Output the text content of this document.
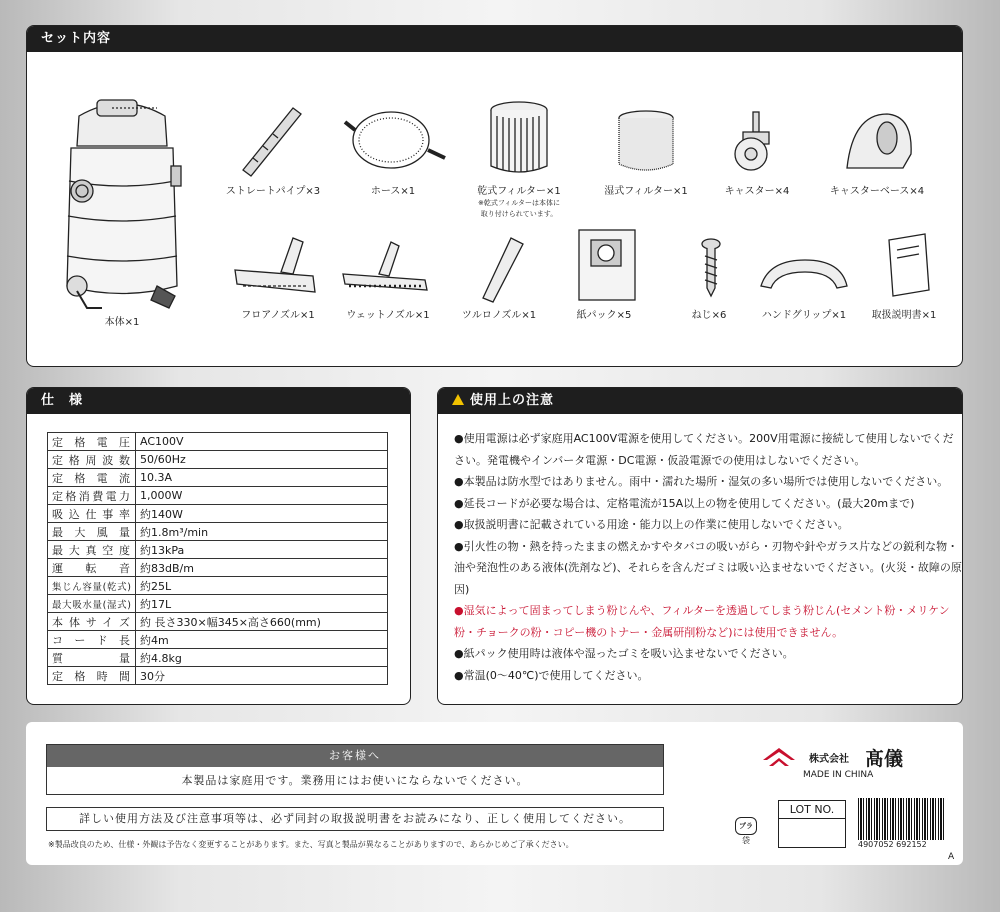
セット内容
本体×1
ストレートパイプ×3	ホース×1	乾式フィルター×1
※乾式フィルターは本体に
取り付けられています。
湿式フィルター×1	キャスター×4	キャスターベース×4
フロアノズル×1	ウェットノズル×1	ツルロノズル×1	紙パック×5	ねじ×6	ハンドグリップ×1	取扱説明書×1
仕　様
定格電圧	AC100V
定格周波数	50/60Hz
定格電流	10.3A
定格消費電力	1,000W
吸込仕事率	約140W
最大風量	約1.8m³/min
最大真空度	約13kPa
運転音	約83dB/m
集じん容量(乾式)	約25L
最大吸水量(湿式)	約17L
本体サイズ	約 長さ330×幅345×高さ660(mm)
コード長	約4m
質量	約4.8kg
定格時間	30分
使用上の注意

●使用電源は必ず家庭用AC100V電源を使用してください。200V用電源に接続して使用しないでください。発電機やインバータ電源・DC電源・仮設電源での使用はしないでください。

●本製品は防水型ではありません。雨中・濡れた場所・湿気の多い場所では使用しないでください。

●延長コードが必要な場合は、定格電流が15A以上の物を使用してください。(最大20mまで)

●取扱説明書に記載されている用途・能力以上の作業に使用しないでください。

●引火性の物・熱を持ったままの燃えかすやタバコの吸いがら・刃物や針やガラス片などの鋭利な物・油や発泡性のある液体(洗剤など)、それらを含んだゴミは吸い込ませないでください。(火災・故障の原因)

●湿気によって固まってしまう粉じんや、フィルターを透過してしまう粉じん(セメント粉・メリケン粉・チョークの粉・コピー機のトナー・金属研削粉など)には使用できません。

●紙パック使用時は液体や湿ったゴミを吸い込ませないでください。

●常温(0～40℃)で使用してください。

お客様へ
本製品は家庭用です。業務用にはお使いにならないでください。
詳しい使用方法及び注意事項等は、必ず同封の取扱説明書をお読みになり、正しく使用してください。
※製品改良のため、仕様・外観は予告なく変更することがあります。また、写真と製品が異なることがありますので、あらかじめご了承ください。
プラ
袋
株式会社 髙儀
MADE IN CHINA
LOT NO.
4907052 692152
A
